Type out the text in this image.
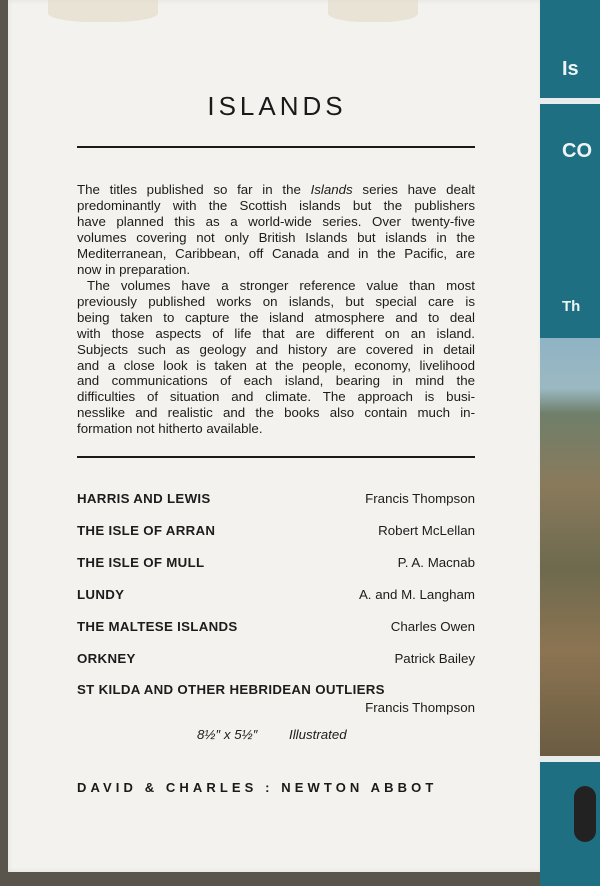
Is
CO
Th
ISLANDS

The titles published so far in the Islands series have dealt
predominantly with the Scottish islands but the publishers
have planned this as a world-wide series. Over twenty-five
volumes covering not only British Islands but islands in the
Mediterranean, Caribbean, off Canada and in the Pacific, are
now in preparation.

The volumes have a stronger reference value than most
previously published works on islands, but special care is
being taken to capture the island atmosphere and to deal
with those aspects of life that are different on an island.
Subjects such as geology and history are covered in detail
and a close look is taken at the people, economy, livelihood
and communications of each island, bearing in mind the
difficulties of situation and climate. The approach is busi-
nesslike and realistic and the books also contain much in-
formation not hitherto available.

HARRIS AND LEWIS	Francis Thompson
THE ISLE OF ARRAN	Robert McLellan
THE ISLE OF MULL	P. A. Macnab
LUNDY	A. and M. Langham
THE MALTESE ISLANDS	Charles Owen
ORKNEY	Patrick Bailey
ST KILDA AND OTHER HEBRIDEAN OUTLIERS
Francis Thompson
8½″ x 5½″ Illustrated
DAVID & CHARLES : NEWTON ABBOT
